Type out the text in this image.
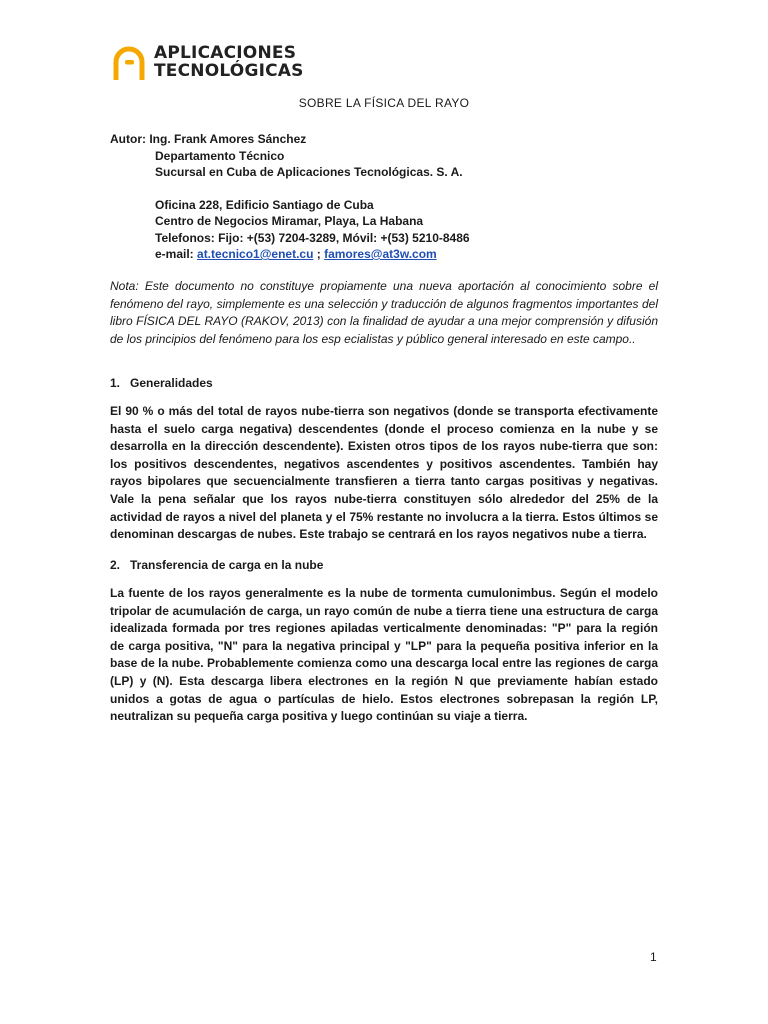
APLICACIONES
TECNOLÓGICAS
SOBRE LA FÍSICA DEL RAYO
Autor: Ing. Frank Amores Sánchez
Departamento Técnico
Sucursal en Cuba de Aplicaciones Tecnológicas. S. A.
Oficina 228, Edificio Santiago de Cuba
Centro de Negocios Miramar, Playa, La Habana
Telefonos: Fijo: +(53) 7204-3289, Móvil: +(53) 5210-8486
e-mail: at.tecnico1@enet.cu ; famores@at3w.com
Nota: Este documento no constituye propiamente una nueva aportación al conocimiento sobre el fenómeno del rayo, simplemente es una selección y traducción de algunos fragmentos importantes del libro FÍSICA DEL RAYO (RAKOV, 2013) con la finalidad de ayudar a una mejor comprensión y difusión de los principios del fenómeno para los esp ecialistas y público general interesado en este campo..
1. Generalidades
El 90 % o más del total de rayos nube-tierra son negativos (donde se transporta efectivamente hasta el suelo carga negativa) descendentes (donde el proceso comienza en la nube y se desarrolla en la dirección descendente). Existen otros tipos de los rayos nube-tierra que son: los positivos descendentes, negativos ascendentes y positivos ascendentes. También hay rayos bipolares que secuencialmente transfieren a tierra tanto cargas positivas y negativas. Vale la pena señalar que los rayos nube-tierra constituyen sólo alrededor del 25% de la actividad de rayos a nivel del planeta y el 75% restante no involucra a la tierra. Estos últimos se denominan descargas de nubes. Este trabajo se centrará en los rayos negativos nube a tierra.
2. Transferencia de carga en la nube
La fuente de los rayos generalmente es la nube de tormenta cumulonimbus. Según el modelo tripolar de acumulación de carga, un rayo común de nube a tierra tiene una estructura de carga idealizada formada por tres regiones apiladas verticalmente denominadas: "P" para la región de carga positiva, "N" para la negativa principal y "LP" para la pequeña positiva inferior en la base de la nube. Probablemente comienza como una descarga local entre las regiones de carga (LP) y (N). Esta descarga libera electrones en la región N que previamente habían estado unidos a gotas de agua o partículas de hielo. Estos electrones sobrepasan la región LP, neutralizan su pequeña carga positiva y luego continúan su viaje a tierra.
1
